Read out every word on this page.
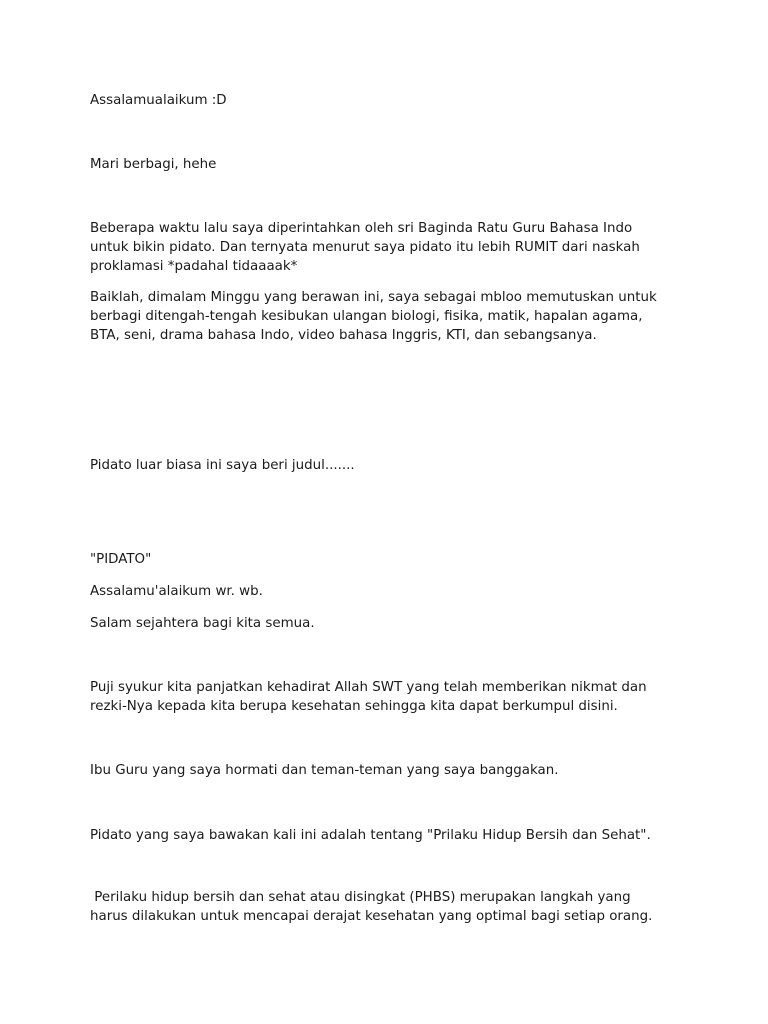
Assalamualaikum :D

Mari berbagi, hehe

Beberapa waktu lalu saya diperintahkan oleh sri Baginda Ratu Guru Bahasa Indo
untuk bikin pidato. Dan ternyata menurut saya pidato itu lebih RUMIT dari naskah
proklamasi *padahal tidaaaak*

Baiklah, dimalam Minggu yang berawan ini, saya sebagai mbloo memutuskan untuk
berbagi ditengah-tengah kesibukan ulangan biologi, fisika, matik, hapalan agama,
BTA, seni, drama bahasa Indo, video bahasa Inggris, KTI, dan sebangsanya.

Pidato luar biasa ini saya beri judul.......

"PIDATO"

Assalamu'alaikum wr. wb.

Salam sejahtera bagi kita semua.

Puji syukur kita panjatkan kehadirat Allah SWT yang telah memberikan nikmat dan
rezki-Nya kepada kita berupa kesehatan sehingga kita dapat berkumpul disini.

Ibu Guru yang saya hormati dan teman-teman yang saya banggakan.

Pidato yang saya bawakan kali ini adalah tentang "Prilaku Hidup Bersih dan Sehat".

Perilaku hidup bersih dan sehat atau disingkat (PHBS) merupakan langkah yang
harus dilakukan untuk mencapai derajat kesehatan yang optimal bagi setiap orang.
